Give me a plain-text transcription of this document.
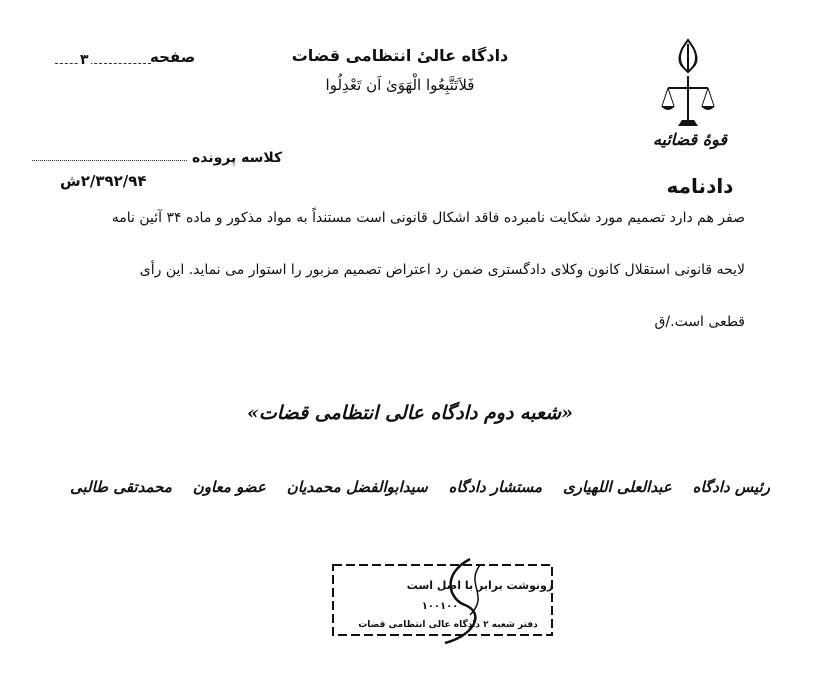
دادگاه عالیٔ انتظامی قضات
فَلاَتَتَّبِعُوا الْهَوَیٰ اَن تَعْدِلُوا
۳	صفحه
قوهٔ قضائیه
کلاسه پرونده
۲/۳۹۲/۹۴ش	دادنامه

صفر هم دارد تصمیم مورد شکایت نامبرده فاقد اشکال قانونی است مستنداً به مواد مذکور و ماده ۳۴ آئین نامه

لایحه قانونی استقلال کانون وکلای دادگستری ضمن رد اعتراض تصمیم مزبور را استوار می نماید. این رأی

قطعی است./ق

«شعبه دوم دادگاه عالی انتظامی قضات»
رئیس دادگاه
عبدالعلی اللهیاری
مستشار دادگاه
سیدابوالفضل محمدیان
عضو معاون
محمدتقی طالبی
رونوشت برابر با اصل است
۱۰۰۱۰۰
دفتر شعبه ۲ دادگاه عالی انتظامی قضات
